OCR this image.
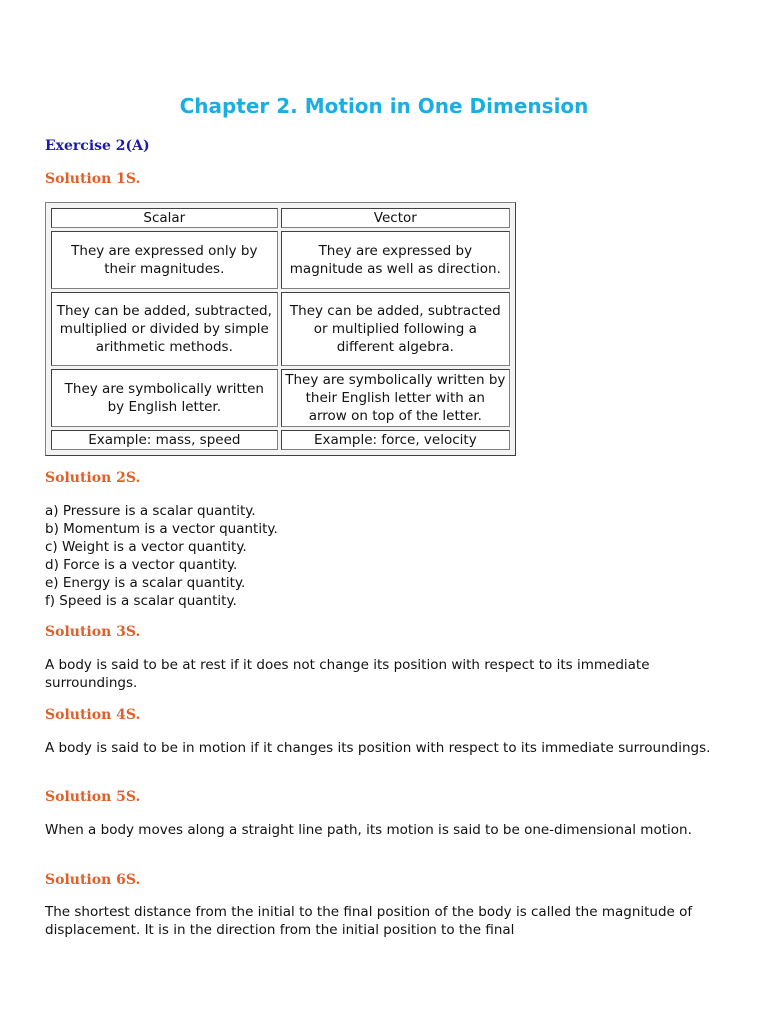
Chapter 2. Motion in One Dimension
Exercise 2(A)
Solution 1S.
Scalar	Vector
They are expressed only by their magnitudes.	They are expressed by magnitude as well as direction.
They can be added, subtracted, multiplied or divided by simple arithmetic methods.	They can be added, subtracted or multiplied following a different algebra.
They are symbolically written by English letter.	They are symbolically written by their English letter with an arrow on top of the letter.
Example: mass, speed	Example: force, velocity
Solution 2S.
a) Pressure is a scalar quantity.
b) Momentum is a vector quantity.
c) Weight is a vector quantity.
d) Force is a vector quantity.
e) Energy is a scalar quantity.
f) Speed is a scalar quantity.
Solution 3S.

A body is said to be at rest if it does not change its position with respect to its immediate surroundings.

Solution 4S.

A body is said to be in motion if it changes its position with respect to its immediate surroundings.

Solution 5S.

When a body moves along a straight line path, its motion is said to be one-dimensional motion.

Solution 6S.

The shortest distance from the initial to the final position of the body is called the magnitude of displacement. It is in the direction from the initial position to the final
